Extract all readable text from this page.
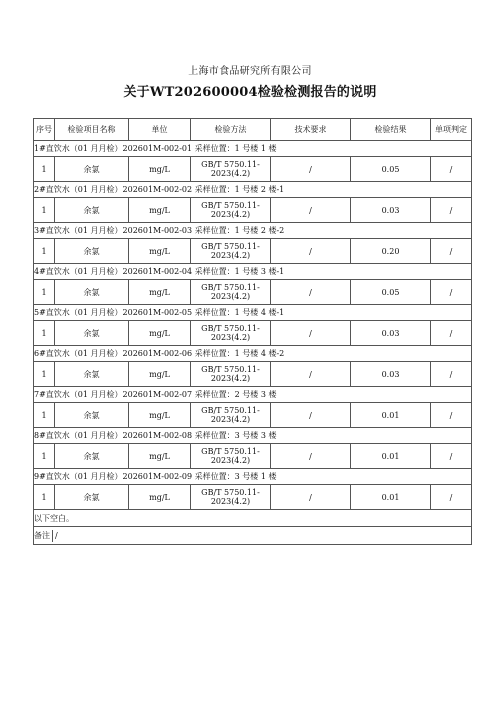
上海市食品研究所有限公司
关于WT202600004检验检测报告的说明
序号	检验项目名称	单位	检验方法	技术要求	检验结果	单项判定
1#直饮水（01 月月检）202601M-002-01 采样位置：1 号楼 1 楼						
1	余氯	mg/L	GB/T 5750.11-
2023(4.2)	/	0.05	/
2#直饮水（01 月月检）202601M-002-02 采样位置：1 号楼 2 楼-1						
1	余氯	mg/L	GB/T 5750.11-
2023(4.2)	/	0.03	/
3#直饮水（01 月月检）202601M-002-03 采样位置：1 号楼 2 楼-2						
1	余氯	mg/L	GB/T 5750.11-
2023(4.2)	/	0.20	/
4#直饮水（01 月月检）202601M-002-04 采样位置：1 号楼 3 楼-1						
1	余氯	mg/L	GB/T 5750.11-
2023(4.2)	/	0.05	/
5#直饮水（01 月月检）202601M-002-05 采样位置：1 号楼 4 楼-1						
1	余氯	mg/L	GB/T 5750.11-
2023(4.2)	/	0.03	/
6#直饮水（01 月月检）202601M-002-06 采样位置：1 号楼 4 楼-2						
1	余氯	mg/L	GB/T 5750.11-
2023(4.2)	/	0.03	/
7#直饮水（01 月月检）202601M-002-07 采样位置：2 号楼 3 楼						
1	余氯	mg/L	GB/T 5750.11-
2023(4.2)	/	0.01	/
8#直饮水（01 月月检）202601M-002-08 采样位置：3 号楼 3 楼						
1	余氯	mg/L	GB/T 5750.11-
2023(4.2)	/	0.01	/
9#直饮水（01 月月检）202601M-002-09 采样位置：3 号楼 1 楼						
1	余氯	mg/L	GB/T 5750.11-
2023(4.2)	/	0.01	/
以下空白。						
备注 /						
